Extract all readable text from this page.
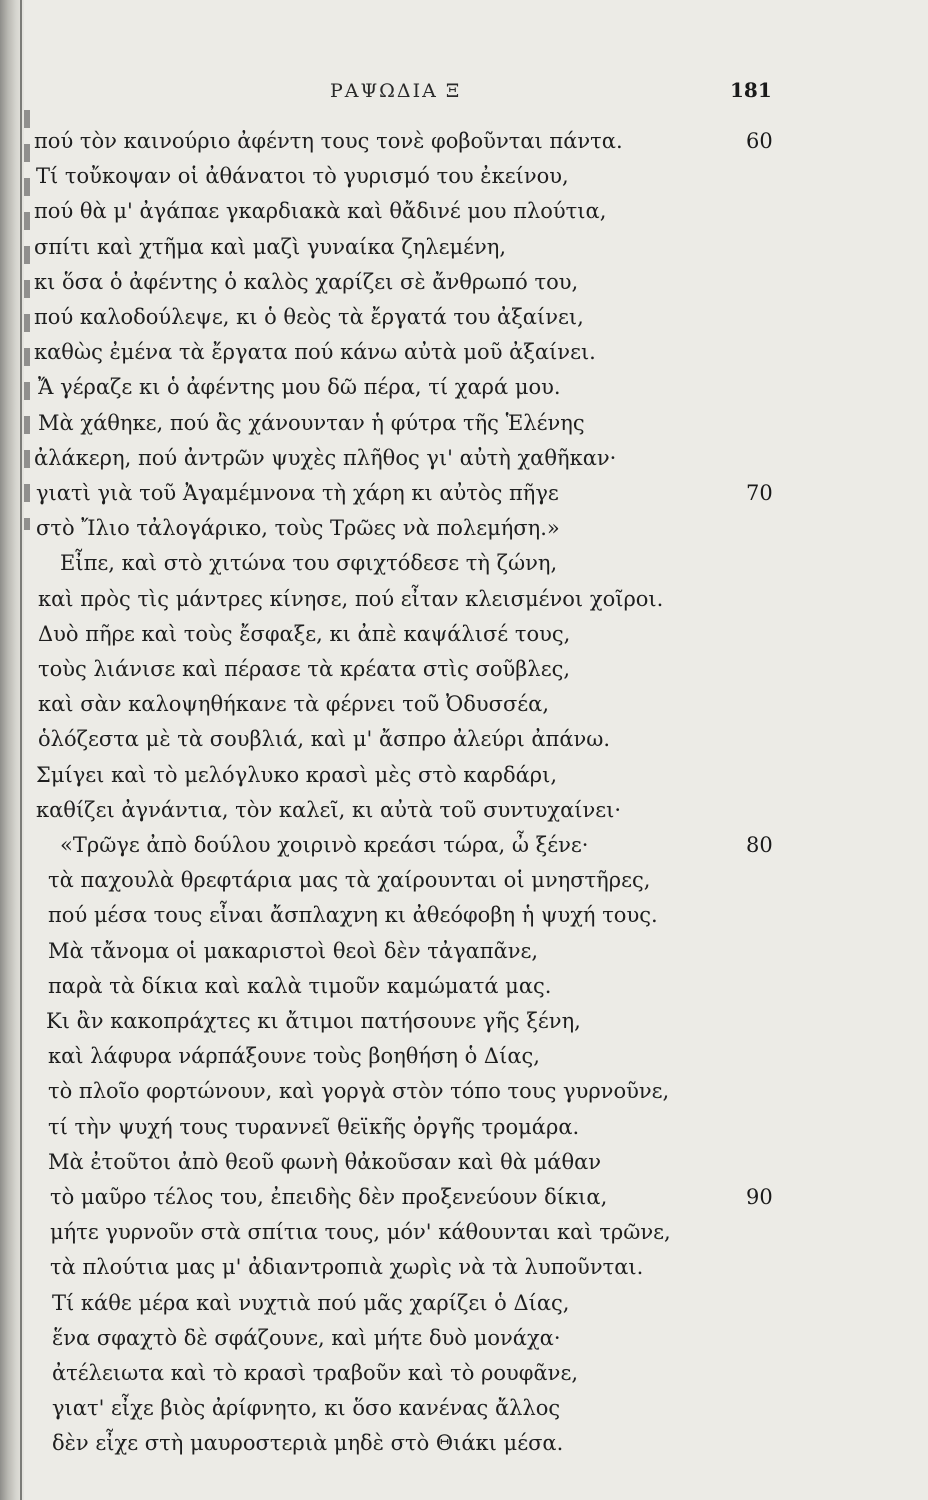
ΡΑΨΩΔΙΑ Ξ	181
πού τὸν καινούριο ἀφέντη τους τονὲ φοβοῦνται πάντα.	60
Τί τοὔκοψαν οἱ ἀθάνατοι τὸ γυρισμό του ἐκείνου,
πού θὰ μ' ἀγάπαε γκαρδιακὰ καὶ θἄδινέ μου πλούτια,
σπίτι καὶ χτῆμα καὶ μαζὶ γυναίκα ζηλεμένη,
κι ὅσα ὁ ἀφέντης ὁ καλὸς χαρίζει σὲ ἄνθρωπό του,
πού καλοδούλεψε, κι ὁ θεὸς τὰ ἔργατά του ἀξαίνει,
καθὼς ἐμένα τὰ ἔργατα πού κάνω αὐτὰ μοῦ ἀξαίνει.
Ἄ γέραζε κι ὁ ἀφέντης μου δῶ πέρα, τί χαρά μου.
Μὰ χάθηκε, πού ἂς χάνουνταν ἡ φύτρα τῆς Ἑλένης
ἀλάκερη, πού ἀντρῶν ψυχὲς πλῆθος γι' αὐτὴ χαθῆκαν·
γιατὶ γιὰ τοῦ Ἀγαμέμνονα τὴ χάρη κι αὐτὸς πῆγε	70
στὸ Ἴλιο τἀλογάρικο, τοὺς Τρῶες νὰ πολεμήση.»
Εἶπε, καὶ στὸ χιτώνα του σφιχτόδεσε τὴ ζώνη,
καὶ πρὸς τὶς μάντρες κίνησε, πού εἶταν κλεισμένοι χοῖροι.
Δυὸ πῆρε καὶ τοὺς ἔσφαξε, κι ἀπὲ καψάλισέ τους,
τοὺς λιάνισε καὶ πέρασε τὰ κρέατα στὶς σοῦβλες,
καὶ σὰν καλοψηθήκανε τὰ φέρνει τοῦ Ὀδυσσέα,
ὁλόζεστα μὲ τὰ σουβλιά, καὶ μ' ἄσπρο ἀλεύρι ἀπάνω.
Σμίγει καὶ τὸ μελόγλυκο κρασὶ μὲς στὸ καρδάρι,
καθίζει ἀγνάντια, τὸν καλεῖ, κι αὐτὰ τοῦ συντυχαίνει·
«Τρῶγε ἀπὸ δούλου χοιρινὸ κρεάσι τώρα, ὦ ξένε·	80
τὰ παχουλὰ θρεφτάρια μας τὰ χαίρουνται οἱ μνηστῆρες,
πού μέσα τους εἶναι ἄσπλαχνη κι ἀθεόφοβη ἡ ψυχή τους.
Μὰ τἄνομα οἱ μακαριστοὶ θεοὶ δὲν τἀγαπᾶνε,
παρὰ τὰ δίκια καὶ καλὰ τιμοῦν καμώματά μας.
Κι ἂν κακοπράχτες κι ἄτιμοι πατήσουνε γῆς ξένη,
καὶ λάφυρα νάρπάξουνε τοὺς βοηθήση ὁ Δίας,
τὸ πλοῖο φορτώνουν, καὶ γοργὰ στὸν τόπο τους γυρνοῦνε,
τί τὴν ψυχή τους τυραννεῖ θεϊκῆς ὀργῆς τρομάρα.
Μὰ ἐτοῦτοι ἀπὸ θεοῦ φωνὴ θἀκοῦσαν καὶ θὰ μάθαν
τὸ μαῦρο τέλος του, ἐπειδὴς δὲν προξενεύουν δίκια,	90
μήτε γυρνοῦν στὰ σπίτια τους, μόν' κάθουνται καὶ τρῶνε,
τὰ πλούτια μας μ' ἀδιαντροπιὰ χωρὶς νὰ τὰ λυποῦνται.
Τί κάθε μέρα καὶ νυχτιὰ πού μᾶς χαρίζει ὁ Δίας,
ἕνα σφαχτὸ δὲ σφάζουνε, καὶ μήτε δυὸ μονάχα·
ἀτέλειωτα καὶ τὸ κρασὶ τραβοῦν καὶ τὸ ρουφᾶνε,
γιατ' εἶχε βιὸς ἀρίφνητο, κι ὅσο κανένας ἄλλος
δὲν εἶχε στὴ μαυροστεριὰ μηδὲ στὸ Θιάκι μέσα.
